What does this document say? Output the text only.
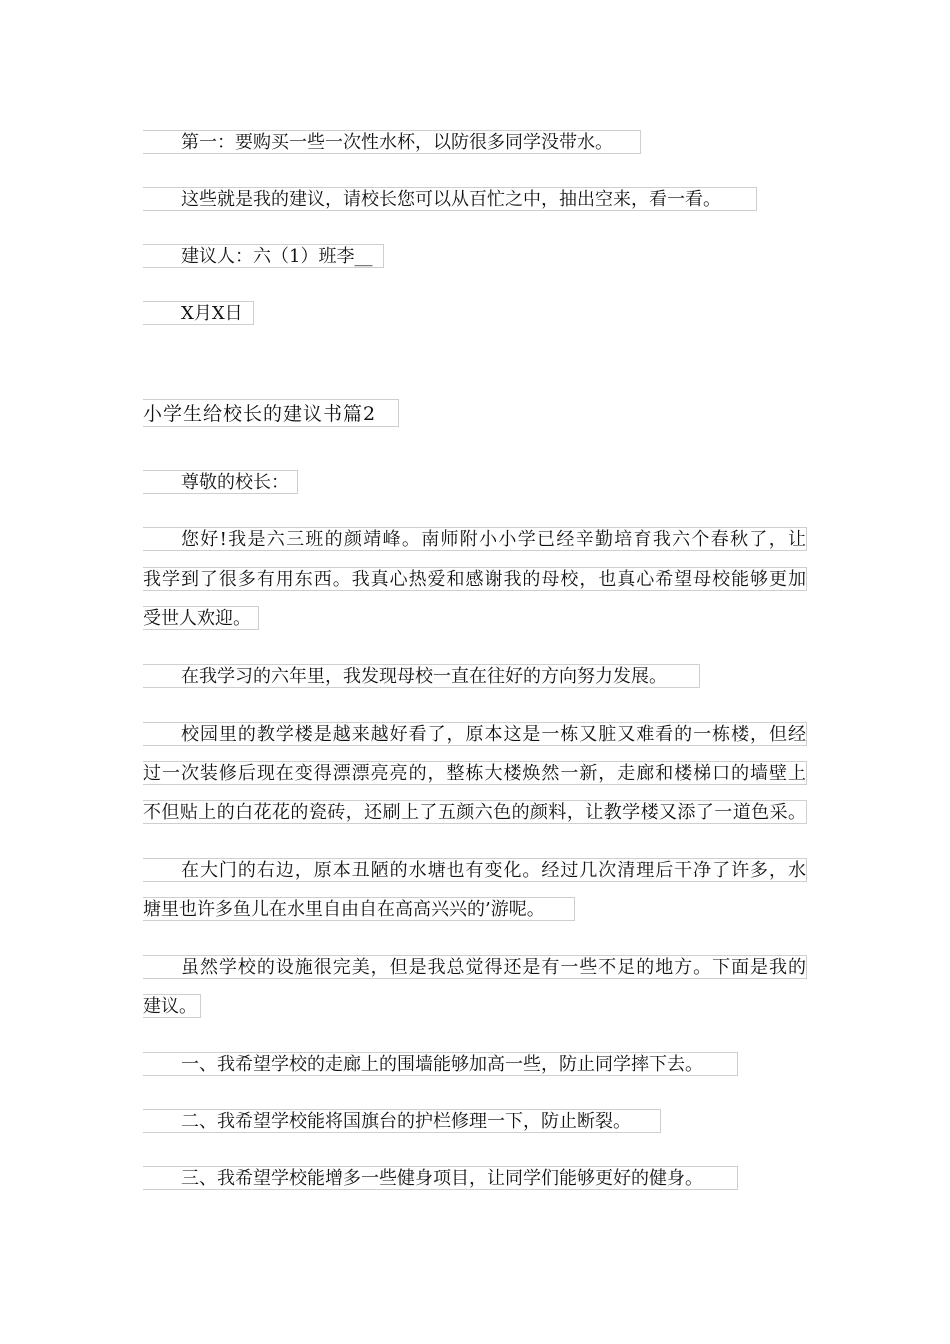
第一：要购买一些一次性水杯，以防很多同学没带水。
这些就是我的建议，请校长您可以从百忙之中，抽出空来，看一看。
建议人：六（1）班李__
X月X日
小学生给校长的建议书篇2
尊敬的校长：
您好!我是六三班的颜靖峰。南师附小小学已经辛勤培育我六个春秋了，让
我学到了很多有用东西。我真心热爱和感谢我的母校，也真心希望母校能够更加
受世人欢迎。
在我学习的六年里，我发现母校一直在往好的方向努力发展。
校园里的教学楼是越来越好看了，原本这是一栋又脏又难看的一栋楼，但经
过一次装修后现在变得漂漂亮亮的，整栋大楼焕然一新，走廊和楼梯口的墙壁上
不但贴上的白花花的瓷砖，还刷上了五颜六色的颜料，让教学楼又添了一道色采。
在大门的右边，原本丑陋的水塘也有变化。经过几次清理后干净了许多，水
塘里也许多鱼儿在水里自由自在高高兴兴的’游呢。
虽然学校的设施很完美，但是我总觉得还是有一些不足的地方。下面是我的
建议。
一、我希望学校的走廊上的围墙能够加高一些，防止同学摔下去。
二、我希望学校能将国旗台的护栏修理一下，防止断裂。
三、我希望学校能增多一些健身项目，让同学们能够更好的健身。
